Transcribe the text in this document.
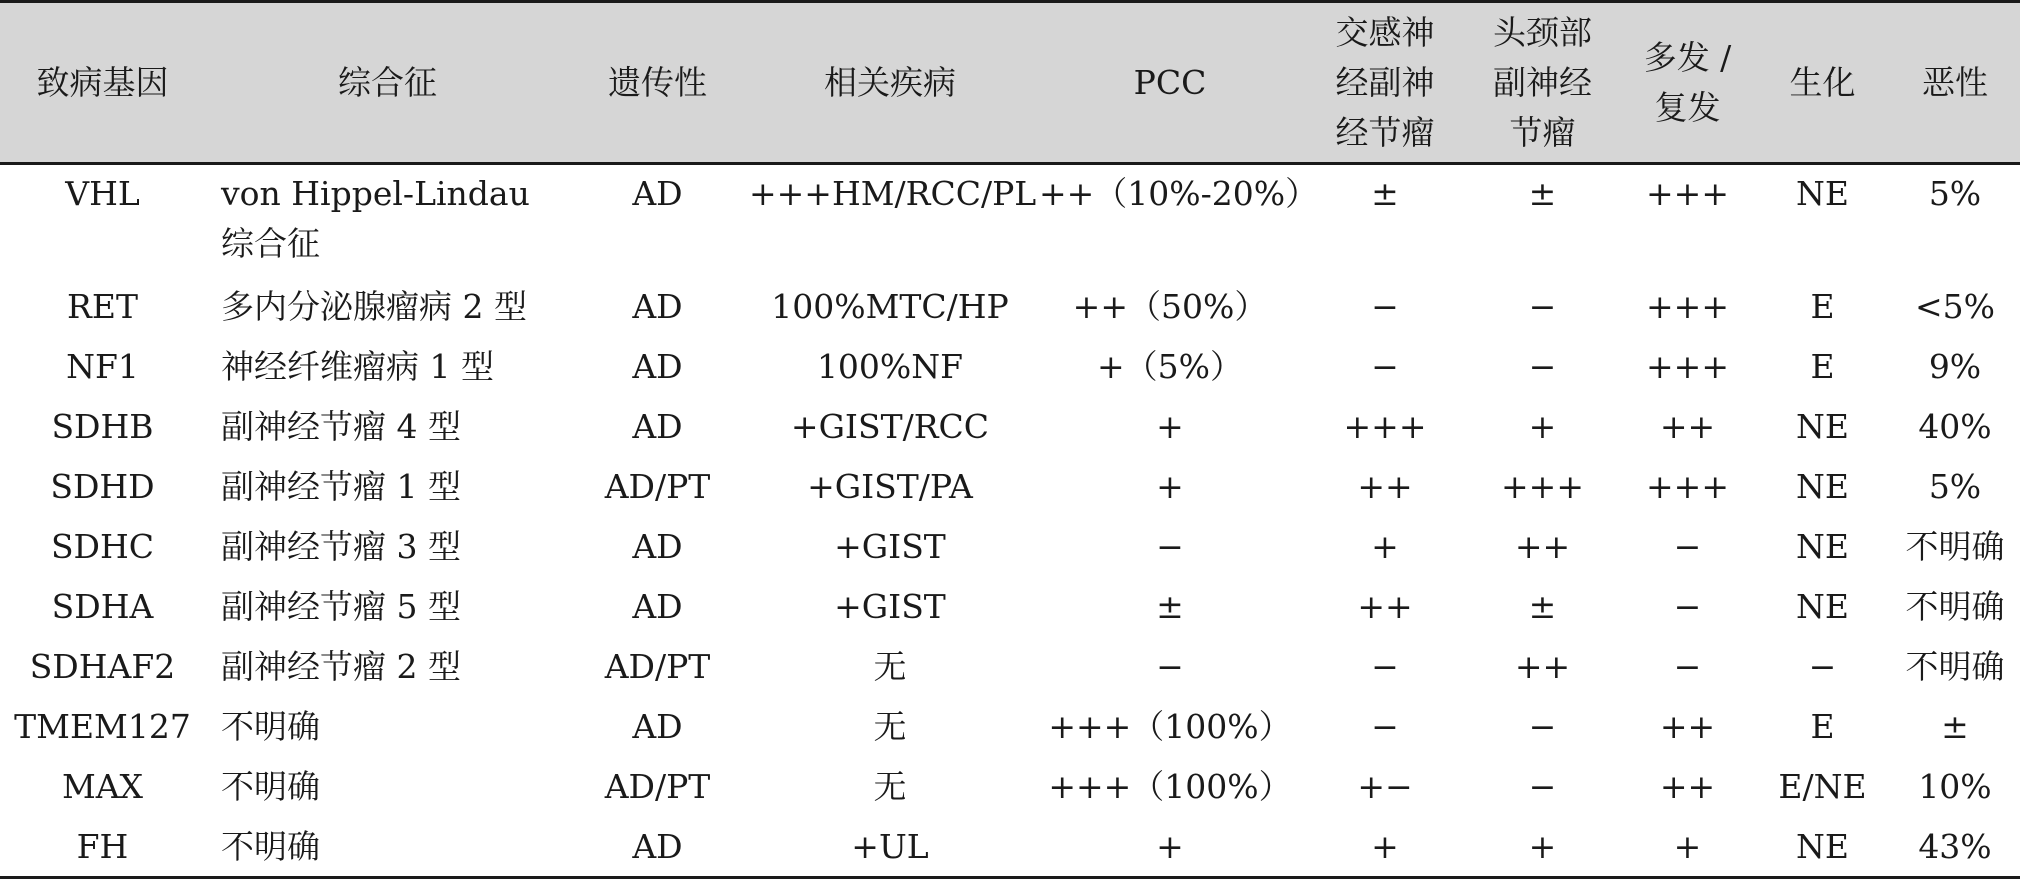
致病基因	综合征	遗传性	相关疾病	PCC	交感神
经副神
经节瘤	头颈部
副神经
节瘤	多发 /
复发	生化	恶性
VHL	von Hippel-Lindau 综合征	AD	+++HM/RCC/PL	++（10%-20%）	±	±	+++	NE	5%
RET	多内分泌腺瘤病 2 型	AD	100%MTC/HP	++（50%）	−	−	+++	E	<5%
NF1	神经纤维瘤病 1 型	AD	100%NF	+（5%）	−	−	+++	E	9%
SDHB	副神经节瘤 4 型	AD	+GIST/RCC	+	+++	+	++	NE	40%
SDHD	副神经节瘤 1 型	AD/PT	+GIST/PA	+	++	+++	+++	NE	5%
SDHC	副神经节瘤 3 型	AD	+GIST	−	+	++	−	NE	不明确
SDHA	副神经节瘤 5 型	AD	+GIST	±	++	±	−	NE	不明确
SDHAF2	副神经节瘤 2 型	AD/PT	无	−	−	++	−	−	不明确
TMEM127	不明确	AD	无	+++（100%）	−	−	++	E	±
MAX	不明确	AD/PT	无	+++（100%）	+−	−	++	E/NE	10%
FH	不明确	AD	+UL	+	+	+	+	NE	43%
